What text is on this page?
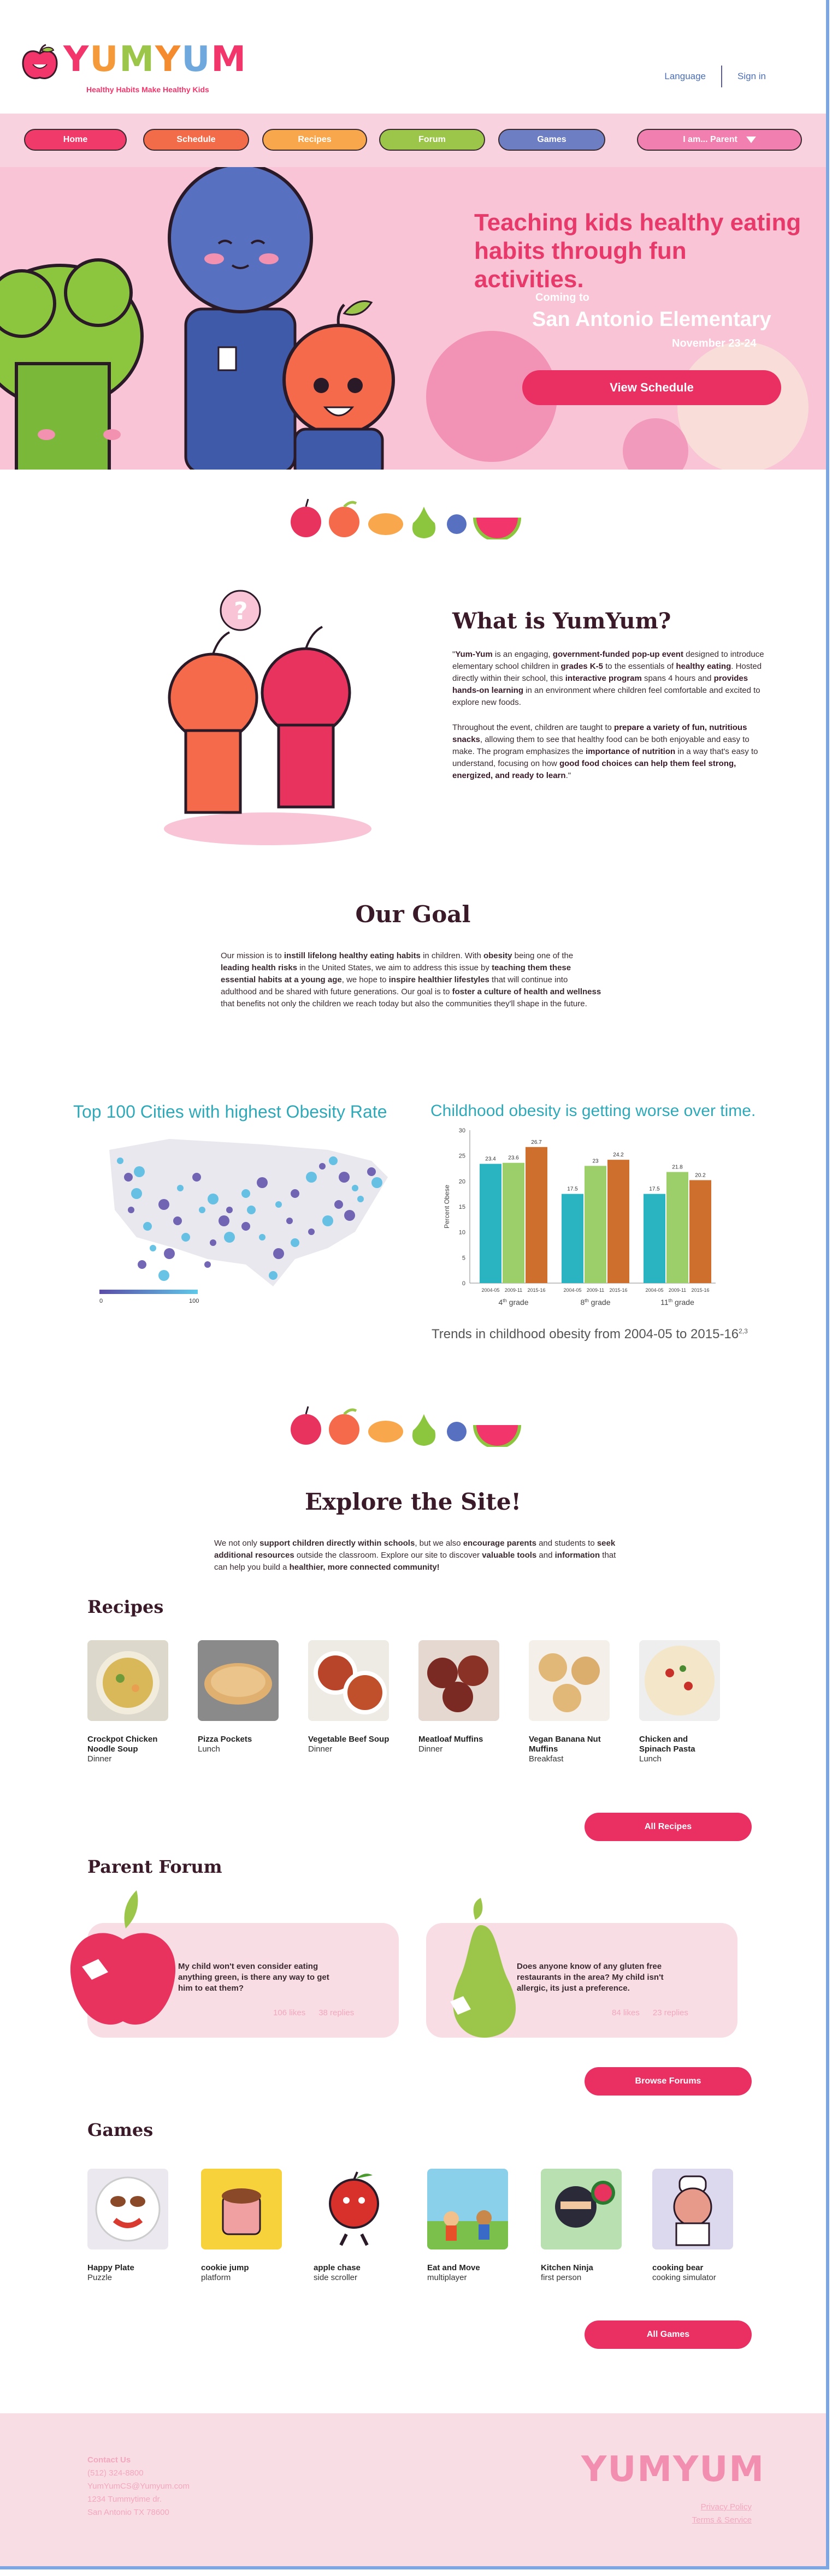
YUMYUM
Healthy Habits Make Healthy Kids
Language	Sign in
Home	Schedule	Recipes	Forum	Games	I am... Parent
Teaching kids healthy eating habits through fun activities.
Coming to
San Antonio Elementary
November 23-24
View Schedule
?	What is YumYum?

"Yum-Yum is an engaging, government-funded pop-up event designed to introduce elementary school children in grades K-5 to the essentials of healthy eating. Hosted directly within their school, this interactive program spans 4 hours and provides hands-on learning in an environment where children feel comfortable and excited to explore new foods.

Throughout the event, children are taught to prepare a variety of fun, nutritious snacks, allowing them to see that healthy food can be both enjoyable and easy to make. The program emphasizes the importance of nutrition in a way that's easy to understand, focusing on how good food choices can help them feel strong, energized, and ready to learn."

Our Goal

Our mission is to instill lifelong healthy eating habits in children. With obesity being one of the leading health risks in the United States, we aim to address this issue by teaching them these essential habits at a young age, we hope to inspire healthier lifestyles that will continue into adulthood and be shared with future generations. Our goal is to foster a culture of health and wellness that benefits not only the children we reach today but also the communities they'll shape in the future.

Top 100 Cities with highest Obesity Rate
0	100
Childhood obesity is getting worse over time.
0
5
10
15
20
25
30
Percent Obese
23.4
2004-05
23.6
2009-11
26.7
2015-16
4th grade
17.5
2004-05
23
2009-11
24.2
2015-16
8th grade
17.5
2004-05
21.8
2009-11
20.2
2015-16
11th grade
Trends in childhood obesity from 2004-05 to 2015-16$^{2,3}$
Explore the Site!

We not only support children directly within schools, but we also encourage parents and students to seek additional resources outside the classroom. Explore our site to discover valuable tools and information that can help you build a healthier, more connected community!

Recipes
Crockpot Chicken Noodle Soup
Dinner
Pizza Pockets
Lunch
Vegetable Beef Soup
Dinner
Meatloaf Muffins
Dinner
Vegan Banana Nut Muffins
Breakfast
Chicken and Spinach Pasta
Lunch
All Recipes
Parent Forum
My child won't even consider eating anything green, is there any way to get him to eat them?
106 likes 38 replies
Does anyone know of any gluten free restaurants in the area? My child isn't allergic, its just a preference.
84 likes 23 replies
Browse Forums
Games
Happy Plate
Puzzle
cookie jump
platform
apple chase
side scroller
Eat and Move
multiplayer
Kitchen Ninja
first person
cooking bear
cooking simulator
All Games
Contact Us
(512) 324-8800
YumYumCS@Yumyum.com
1234 Tummytime dr.
San Antonio TX 78600
YUMYUM
Privacy Policy
Terms & Service
